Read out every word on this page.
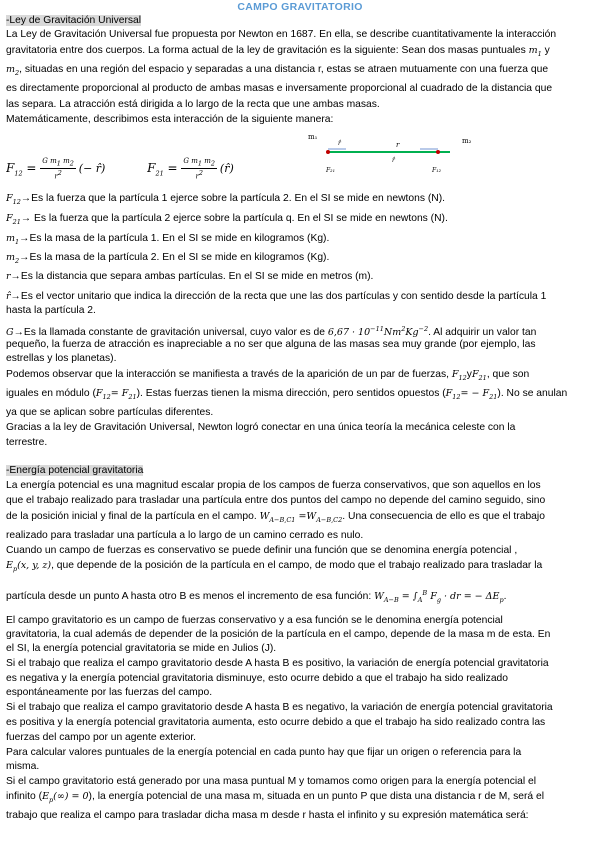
CAMPO GRAVITATORIO
-Ley de Gravitación Universal
La Ley de Gravitación Universal fue propuesta por Newton en 1687. En ella, se describe cuantitativamente la interacción
gravitatoria entre dos cuerpos. La forma actual de la ley de gravitación es la siguiente: Sean dos masas puntuales $m_1$ y
$m_2$, situadas en una región del espacio y separadas a una distancia r, estas se atraen mutuamente con una fuerza que
es directamente proporcional al producto de ambas masas e inversamente proporcional al cuadrado de la distancia que
las separa. La atracción está dirigida a lo largo de la recta que une ambas masas.
Matemáticamente, describimos esta interacción de la siguiente manera:
$F_{12} = \frac{G m_1 m_2}{r^2}$ (− r̂)	$F_{21} = \frac{G m_1 m_2}{r^2}$ (r̂)
m₁	m₂
r
r̂
r̂
F₂₁	F₁₂
$F_{12}\to Es$ la fuerza que la partícula 1 ejerce sobre la partícula 2. En el SI se mide en newtons (N).
$F_{21}\to Es$ la fuerza que la partícula 2 ejerce sobre la partícula q. En el SI se mide en newtons (N).
$m_1\to Es$ la masa de la partícula 1. En el SI se mide en kilogramos (Kg).
$m_2\to Es$ la masa de la partícula 2. En el SI se mide en kilogramos (Kg).
r→Es la distancia que separa ambas partículas. En el SI se mide en metros (m).
r̂→Es el vector unitario que indica la dirección de la recta que une las dos partículas y con sentido desde la partícula 1
hasta la partícula 2.
G→Es la llamada constante de gravitación universal, cuyo valor es de $6,67 \cdot 10^{-11}Nm^2Kg^{-2}$. Al adquirir un valor tan
pequeño, la fuerza de atracción es inapreciable a no ser que alguna de las masas sea muy grande (por ejemplo, las
estrellas y los planetas).
Podemos observar que la interacción se manifiesta a través de la aparición de un par de fuerzas, $F_{12}yF_{21}$, que son
iguales en módulo $(F_{12}= F_{21})$. Estas fuerzas tienen la misma dirección, pero sentidos opuestos $(F_{12}= - F_{21})$. No se anulan
ya que se aplican sobre partículas diferentes.
Gracias a la ley de Gravitación Universal, Newton logró conectar en una única teoría la mecánica celeste con la
terrestre.
-Energía potencial gravitatoria
La energía potencial es una magnitud escalar propia de los campos de fuerza conservativos, que son aquellos en los
que el trabajo realizado para trasladar una partícula entre dos puntos del campo no depende del camino seguido, sino
de la posición inicial y final de la partícula en el campo. $W_{A-B,C1} =W_{A-B,C2}$. Una consecuencia de ello es que el trabajo
realizado para trasladar una partícula a lo largo de un camino cerrado es nulo.
Cuando un campo de fuerzas es conservativo se puede definir una función que se denomina energía potencial ,
$E_p(x$, y, z), que depende de la posición de la partícula en el campo, de modo que el trabajo realizado para trasladar la
partícula desde un punto A hasta otro B es menos el incremento de esa función: $W_{A-B} = \int_A^B$ $F_g$ · dr = − $\Delta E_p$.
El campo gravitatorio es un campo de fuerzas conservativo y a esa función se le denomina energía potencial
gravitatoria, la cual además de depender de la posición de la partícula en el campo, depende de la masa m de esta. En
el SI, la energía potencial gravitatoria se mide en Julios (J).
Si el trabajo que realiza el campo gravitatorio desde A hasta B es positivo, la variación de energía potencial gravitatoria
es negativa y la energía potencial gravitatoria disminuye, esto ocurre debido a que el trabajo ha sido realizado
espontáneamente por las fuerzas del campo.
Si el trabajo que realiza el campo gravitatorio desde A hasta B es negativo, la variación de energía potencial gravitatoria
es positiva y la energía potencial gravitatoria aumenta, esto ocurre debido a que el trabajo ha sido realizado contra las
fuerzas del campo por un agente exterior.
Para calcular valores puntuales de la energía potencial en cada punto hay que fijar un origen o referencia para la
misma.
Si el campo gravitatorio está generado por una masa puntual M y tomamos como origen para la energía potencial el
infinito $(E_p(\infty) = 0)$, la energía potencial de una masa m, situada en un punto P que dista una distancia r de M, será el
trabajo que realiza el campo para trasladar dicha masa m desde r hasta el infinito y su expresión matemática será:
